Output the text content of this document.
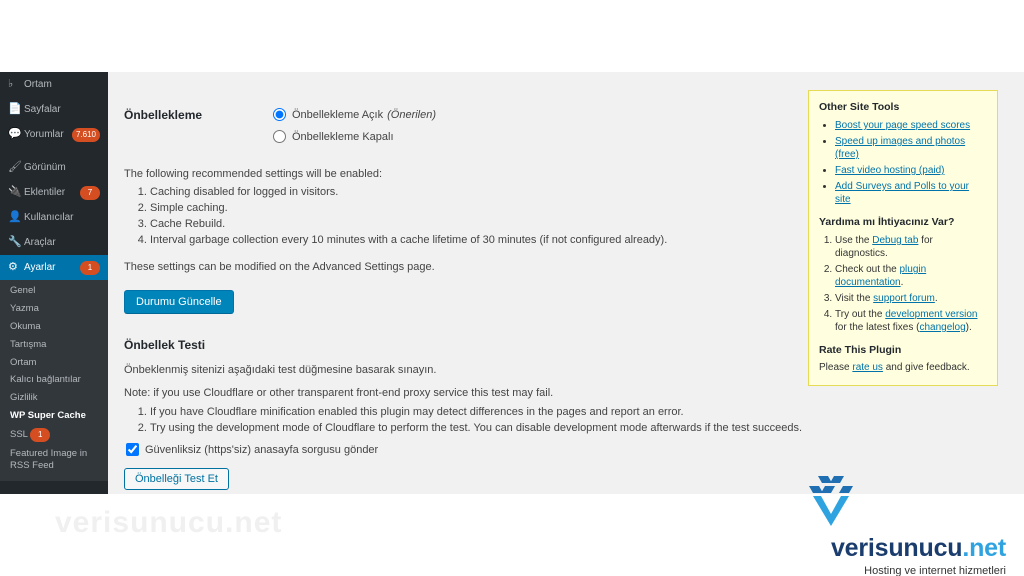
♭	Ortam
📄 Sayfalar
💬 Yorumlar	7.610
🖌 Görünüm
🔌 Eklentiler	7
👤 Kullanıcılar
🔧 Araçlar
⚙ Ayarlar	1
Genel
Yazma
Okuma
Tartışma
Ortam
Kalıcı bağlantılar
Gizlilik
WP Super Cache
SSL 1
Featured Image in RSS Feed
Önbellekleme	Önbellekleme Açık (Önerilen)
Önbellekleme Kapalı
The following recommended settings will be enabled:
1. Caching disabled for logged in visitors.
2. Simple caching.
3. Cache Rebuild.
4. Interval garbage collection every 10 minutes with a cache lifetime of 30 minutes (if not configured already).
These settings can be modified on the Advanced Settings page.
Durumu Güncelle
Önbellek Testi
Önbeklenmiş sitenizi aşağıdaki test düğmesine basarak sınayın.
Note: if you use Cloudflare or other transparent front-end proxy service this test may fail.
1. If you have Cloudflare minification enabled this plugin may detect differences in the pages and report an error.
2. Try using the development mode of Cloudflare to perform the test. You can disable development mode afterwards if the test succeeds.
Güvenliksiz (https'siz) anasayfa sorgusu gönder
Önbelleği Test Et
Other Site Tools
• Boost your page speed scores
• Speed up images and photos (free)
• Fast video hosting (paid)
• Add Surveys and Polls to your site
Yardıma mı İhtiyacınız Var?
1. Use the Debug tab for diagnostics.
2. Check out the plugin documentation.
3. Visit the support forum.
4. Try out the development version for the latest fixes (changelog).
Rate This Plugin

Please rate us and give feedback.

verisunucu.net
verisunucu.net
Hosting ve internet hizmetleri
